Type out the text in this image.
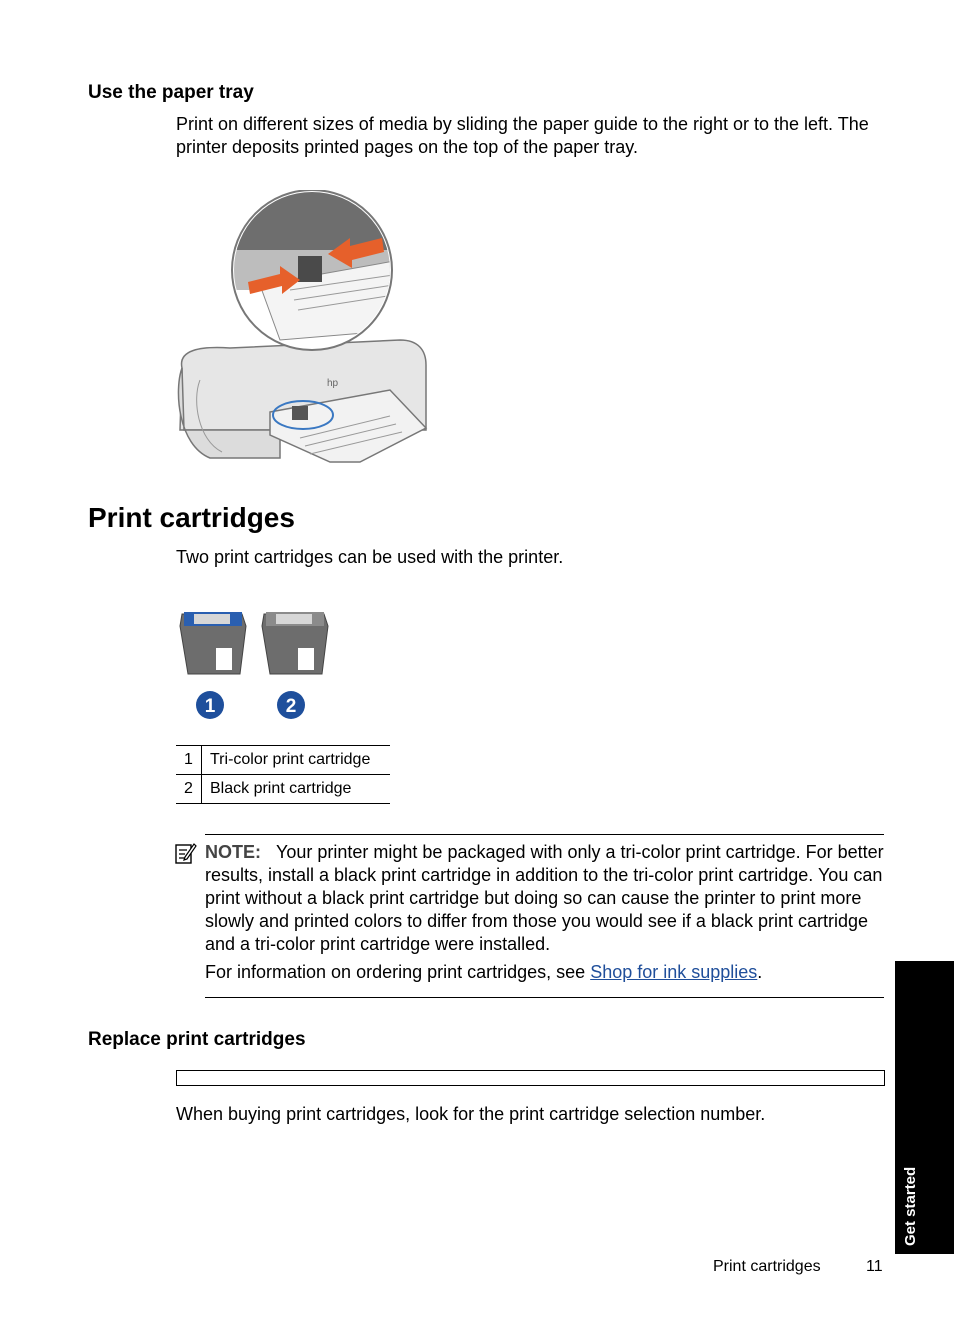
Use the paper tray

Print on different sizes of media by sliding the paper guide to the right or to the left. The printer deposits printed pages on the top of the paper tray.

hp
Print cartridges

Two print cartridges can be used with the printer.

1	2
1	Tri-color print cartridge
2	Black print cartridge

NOTE: Your printer might be packaged with only a tri-color print cartridge. For better results, install a black print cartridge in addition to the tri-color print cartridge. You can print without a black print cartridge but doing so can cause the printer to print more slowly and printed colors to differ from those you would see if a black print cartridge and a tri-color print cartridge were installed.

For information on ordering print cartridges, see Shop for ink supplies.

Replace print cartridges

When buying print cartridges, look for the print cartridge selection number.

Get started
Print cartridges	11
